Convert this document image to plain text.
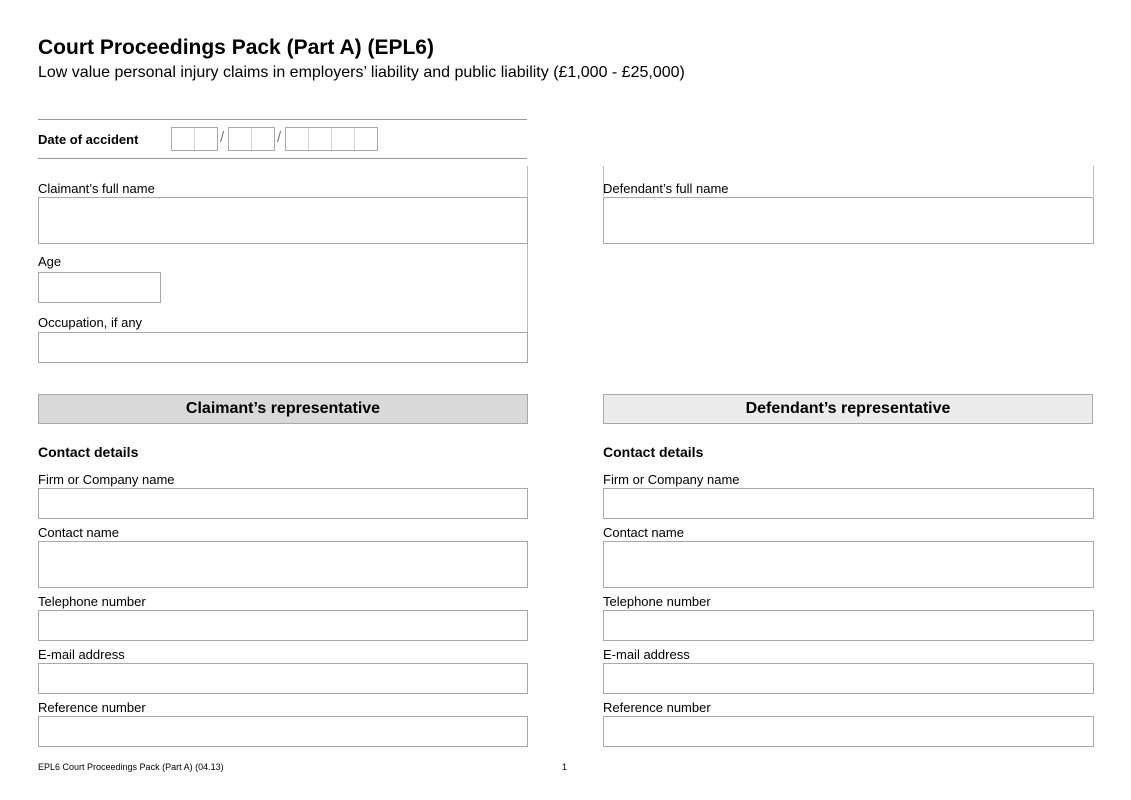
Court Proceedings Pack (Part A) (EPL6)
Low value personal injury claims in employers’ liability and public liability (£1,000 - £25,000)
Date of accident	/	/
Claimant’s full name
Age
Occupation, if any
Defendant’s full name
Claimant’s representative	Defendant’s representative
Contact details
Firm or Company name
Contact name
Telephone number
E-mail address
Reference number
Contact details
Firm or Company name
Contact name
Telephone number
E-mail address
Reference number
EPL6 Court Proceedings Pack (Part A) (04.13)	1
